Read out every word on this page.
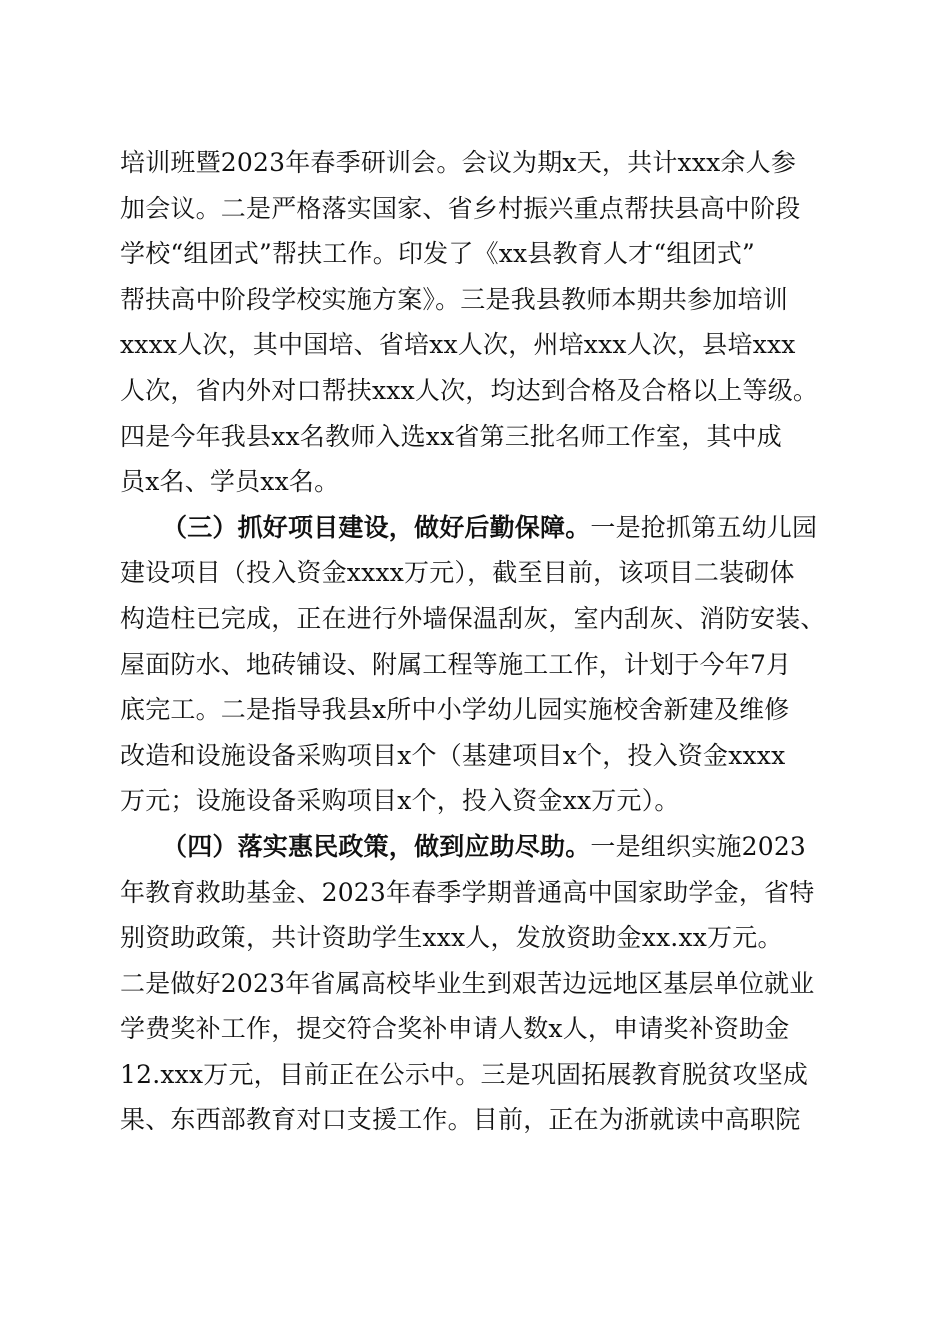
培训班暨2023年春季研训会。会议为期x天，共计xxx余人参
加会议。二是严格落实国家、省乡村振兴重点帮扶县高中阶段
学校“组团式”帮扶工作。印发了《xx县教育人才“组团式”
帮扶高中阶段学校实施方案》。三是我县教师本期共参加培训
xxxx人次，其中国培、省培xx人次，州培xxx人次，县培xxx
人次，省内外对口帮扶xxx人次，均达到合格及合格以上等级。
四是今年我县xx名教师入选xx省第三批名师工作室，其中成
员x名、学员xx名。
（三）抓好项目建设，做好后勤保障。一是抢抓第五幼儿园
建设项目（投入资金xxxx万元），截至目前，该项目二装砌体
构造柱已完成，正在进行外墙保温刮灰，室内刮灰、消防安装、
屋面防水、地砖铺设、附属工程等施工工作，计划于今年7月
底完工。二是指导我县x所中小学幼儿园实施校舍新建及维修
改造和设施设备采购项目x个（基建项目x个，投入资金xxxx
万元；设施设备采购项目x个，投入资金xx万元）。
（四）落实惠民政策，做到应助尽助。一是组织实施2023
年教育救助基金、2023年春季学期普通高中国家助学金，省特
别资助政策，共计资助学生xxx人，发放资助金xx.xx万元。
二是做好2023年省属高校毕业生到艰苦边远地区基层单位就业
学费奖补工作，提交符合奖补申请人数x人，申请奖补资助金
12.xxx万元，目前正在公示中。三是巩固拓展教育脱贫攻坚成
果、东西部教育对口支援工作。目前，正在为浙就读中高职院
